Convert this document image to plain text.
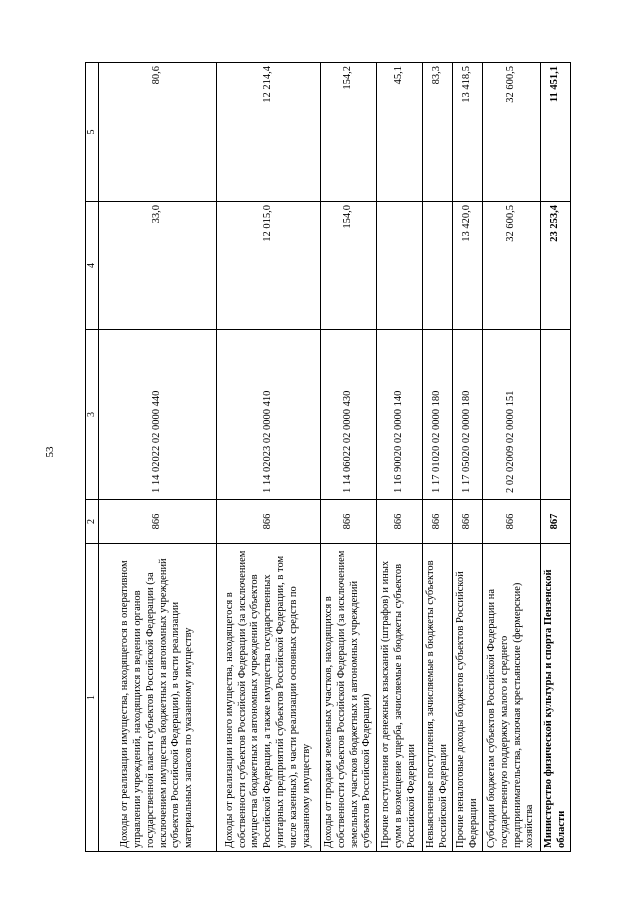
53
1	2	3	4	5
Доходы от реализации имущества, находящегося в оперативном управлении учреждений, находящихся в ведении органов государственной власти субъектов Российской Федерации (за исключением имущества бюджетных и автономных учреждений субъектов Российской Федерации), в части реализации материальных запасов по указанному имуществу	866	1 14 02022 02 0000 440	33,0	80,6
Доходы от реализации иного имущества, находящегося в собственности субъектов Российской Федерации (за исключением имущества бюджетных и автономных учреждений субъектов Российской Федерации, а также имущества государственных унитарных предприятий субъектов Российской Федерации, в том числе казенных), в части реализации основных средств по указанному имуществу	866	1 14 02023 02 0000 410	12 015,0	12 214,4
Доходы от продажи земельных участков, находящихся в собственности субъектов Российской Федерации (за исключением земельных участков бюджетных и автономных учреждений субъектов Российской Федерации)	866	1 14 06022 02 0000 430	154,0	154,2
Прочие поступления от денежных взысканий (штрафов) и иных сумм в возмещение ущерба, зачисляемые в бюджеты субъектов Российской Федерации	866	1 16 90020 02 0000 140		45,1
Невыясненные поступления, зачисляемые в бюджеты субъектов Российской Федерации	866	1 17 01020 02 0000 180		83,3
Прочие неналоговые доходы бюджетов субъектов Российской Федерации	866	1 17 05020 02 0000 180	13 420,0	13 418,5
Субсидии бюджетам субъектов Российской Федерации на государственную поддержку малого и среднего предпринимательства, включая крестьянские (фермерские) хозяйства	866	2 02 02009 02 0000 151	32 600,5	32 600,5
Министерство физической культуры и спорта Пензенской области	867		23 253,4	11 451,1
